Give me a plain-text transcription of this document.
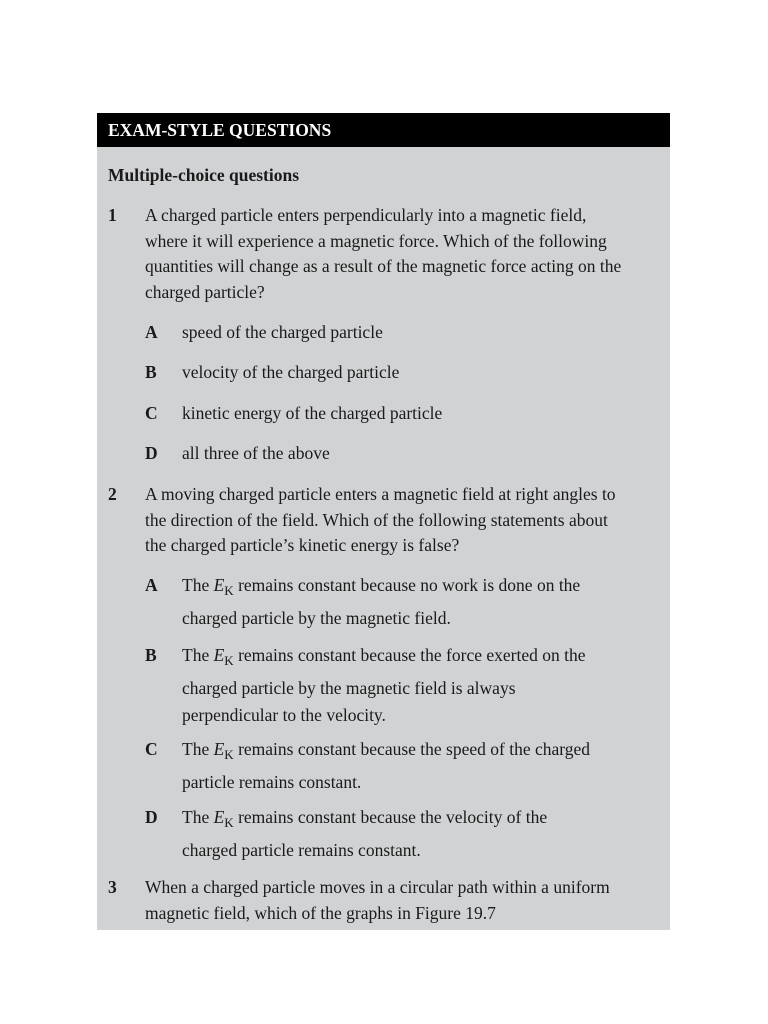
EXAM-STYLE QUESTIONS
Multiple-choice questions
1 A charged particle enters perpendicularly into a magnetic field, where it will experience a magnetic force. Which of the following quantities will change as a result of the magnetic force acting on the charged particle?
A speed of the charged particle
B velocity of the charged particle
C kinetic energy of the charged particle
D all three of the above
2 A moving charged particle enters a magnetic field at right angles to the direction of the field. Which of the following statements about the charged particle’s kinetic energy is false?
A The $E_K$ remains constant because no work is done on the charged particle by the magnetic field.
B The $E_K$ remains constant because the force exerted on the charged particle by the magnetic field is always perpendicular to the velocity.
C The $E_K$ remains constant because the speed of the charged particle remains constant.
D The $E_K$ remains constant because the velocity of the charged particle remains constant.
3 When a charged particle moves in a circular path within a uniform magnetic field, which of the graphs in Figure 19.7
